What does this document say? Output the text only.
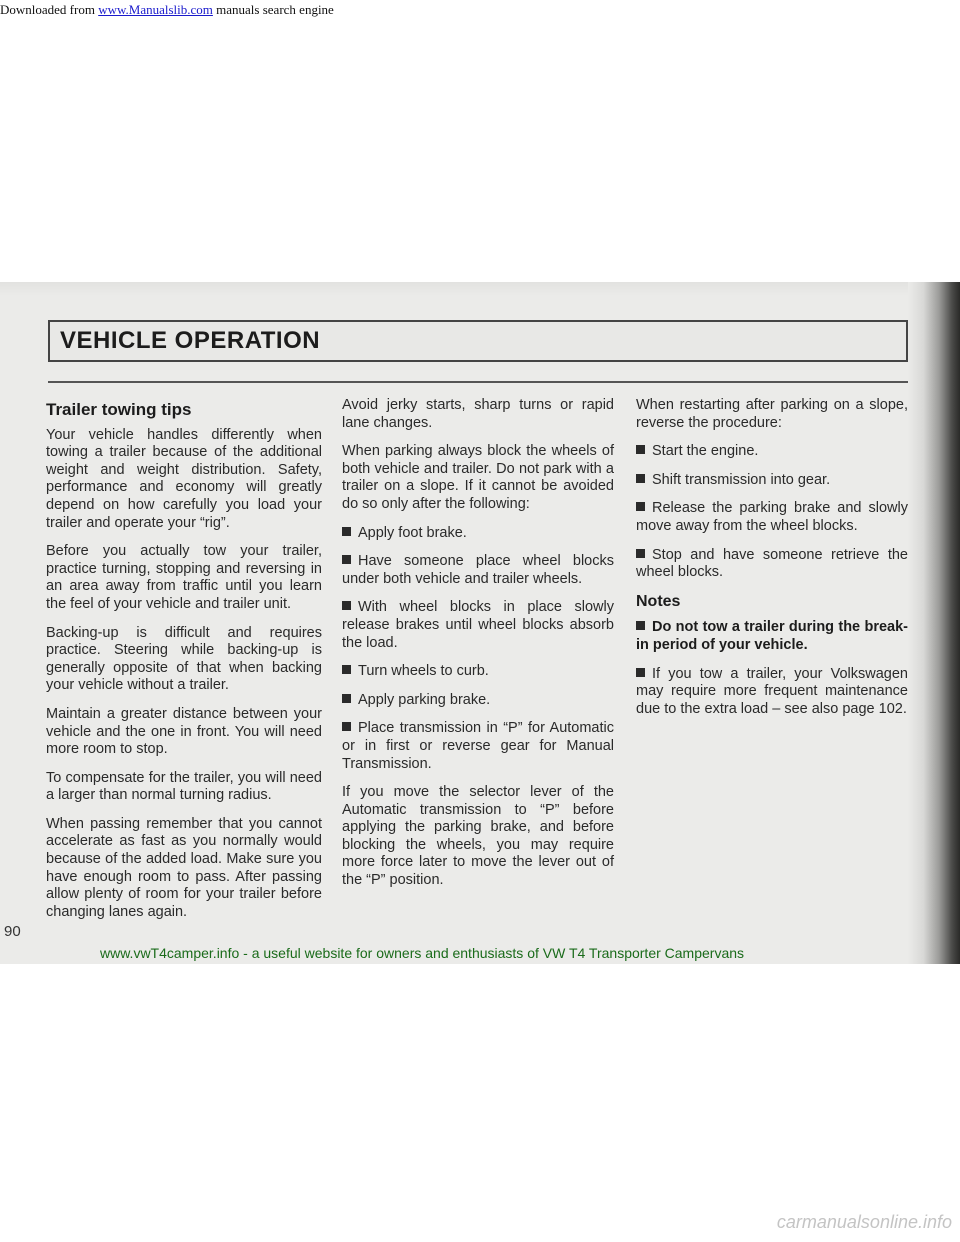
Downloaded from www.Manualslib.com manuals search engine
VEHICLE OPERATION
Trailer towing tips

Your vehicle handles differently when towing a trailer because of the additional weight and weight distribution. Safety, performance and economy will greatly depend on how carefully you load your trailer and operate your “rig”.

Before you actually tow your trailer, practice turning, stopping and reversing in an area away from traffic until you learn the feel of your vehicle and trailer unit.

Backing-up is difficult and requires practice. Steering while backing-up is generally opposite of that when backing your vehicle without a trailer.

Maintain a greater distance between your vehicle and the one in front. You will need more room to stop.

To compensate for the trailer, you will need a larger than normal turning radius.

When passing remember that you cannot accelerate as fast as you normally would because of the added load. Make sure you have enough room to pass. After passing allow plenty of room for your trailer before changing lanes again.

Avoid jerky starts, sharp turns or rapid lane changes.

When parking always block the wheels of both vehicle and trailer. Do not park with a trailer on a slope. If it cannot be avoided do so only after the following:

Apply foot brake.

Have someone place wheel blocks under both vehicle and trailer wheels.

With wheel blocks in place slowly release brakes until wheel blocks absorb the load.

Turn wheels to curb.

Apply parking brake.

Place transmission in “P” for Automatic or in first or reverse gear for Manual Transmission.

If you move the selector lever of the Automatic transmission to “P” before applying the parking brake, and before blocking the wheels, you may require more force later to move the lever out of the “P” position.

When restarting after parking on a slope, reverse the procedure:

Start the engine.

Shift transmission into gear.

Release the parking brake and slowly move away from the wheel blocks.

Stop and have someone retrieve the wheel blocks.

Notes

Do not tow a trailer during the break-in period of your vehicle.

If you tow a trailer, your Volkswagen may require more frequent maintenance due to the extra load – see also page 102.

90
www.vwT4camper.info - a useful website for owners and enthusiasts of VW T4 Transporter Campervans
carmanualsonline.info
